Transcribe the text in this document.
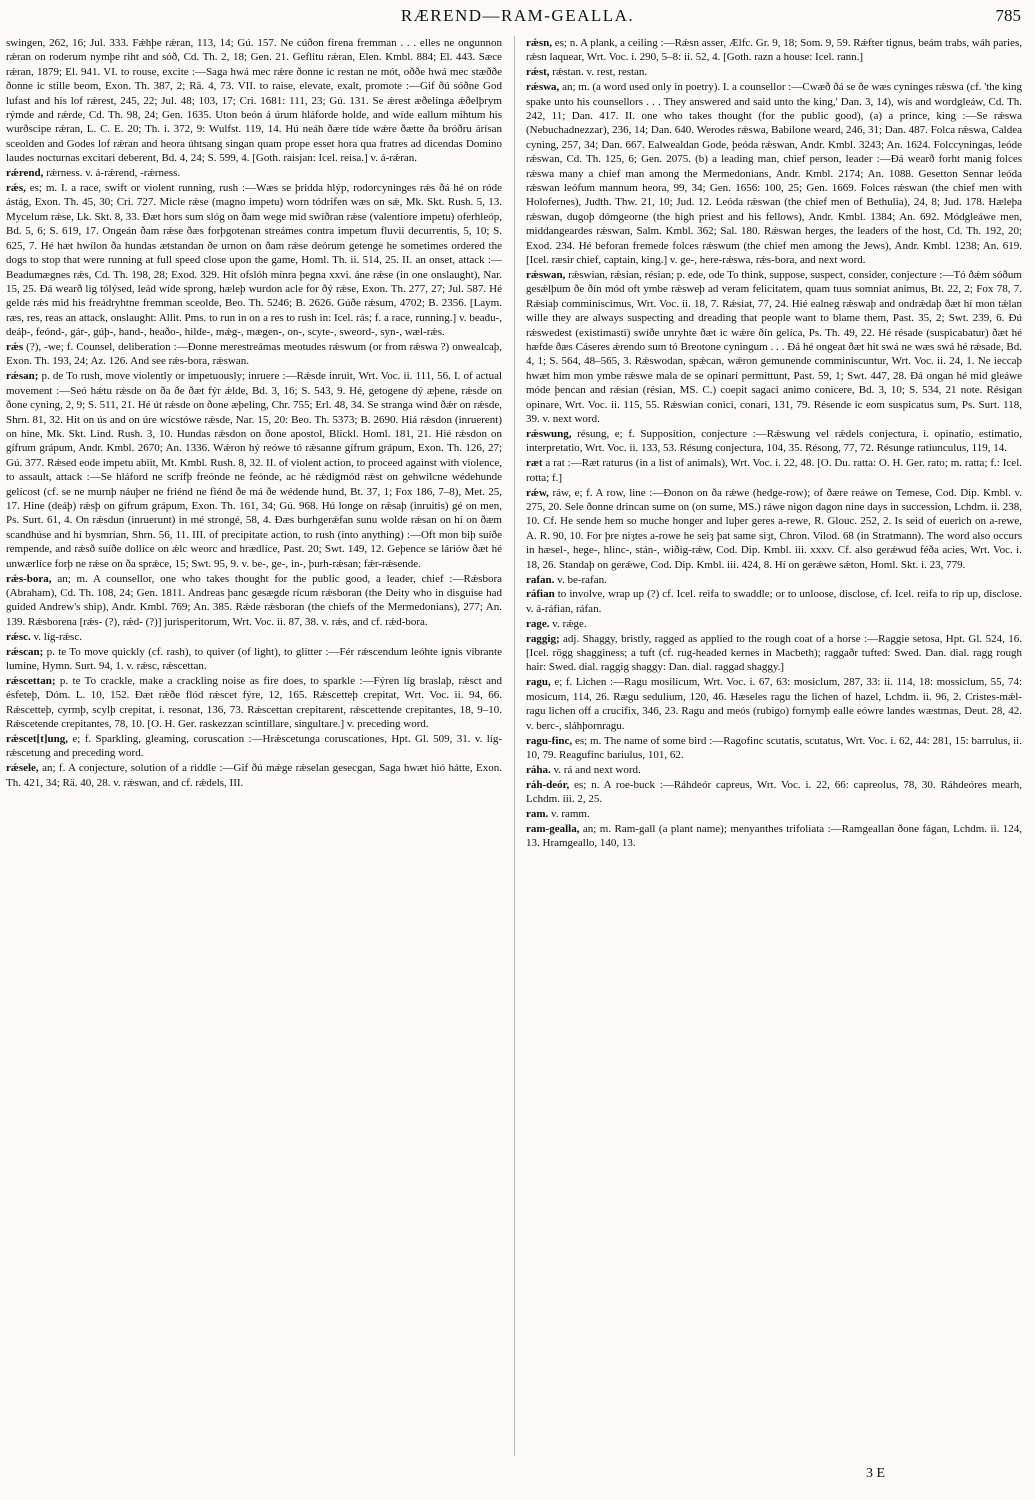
RÆREND—RAM-GEALLA.	785

swingen, 262, 16; Jul. 333. Fǽhþe rǽran, 113, 14; Gú. 157. Ne cúðon firena fremman . . . elles ne ongunnon rǽran on roderum nymþe riht and sóð, Cd. Th. 2, 18; Gen. 21. Geflitu rǽran, Elen. Kmbl. 884; El. 443. Sæce rǽran, 1879; El. 941. VI. to rouse, excite :—Saga hwá mec rǽre ðonne ic restan ne mót, oððe hwá mec stæððe ðonne ic stille beom, Exon. Th. 387, 2; Rä. 4, 73. VII. to raise, elevate, exalt, promote :—Gif ðú sóðne God lufast and his lof rǽrest, 245, 22; Jul. 48; 103, 17; Cri. 1681: 111, 23; Gú. 131. Se ǽrest æðelinga ǽðelþrym rýmde and rǽrde, Cd. Th. 98, 24; Gen. 1635. Uton beón á úrum hláforde holde, and wíde eallum mihtum his wurðscipe rǽran, L. C. E. 20; Th. i. 372, 9: Wulfst. 119, 14. Hú neáh ðære tíde wǽre ðætte ða bróðru árísan sceolden and Godes lof rǽran and heora úhtsang singan quam prope esset hora qua fratres ad dicendas Domino laudes nocturnas excitari deberent, Bd. 4, 24; S. 599, 4. [Goth. raisjan: Icel. reisa.] v. á-rǽran.

rǽrend, rǽrness. v. á-rǽrend, -rǽrness.

rǽs, es; m. I. a race, swift or violent running, rush :—Wæs se þridda hlýp, rodorcyninges rǽs ðá hé on róde ástág, Exon. Th. 45, 30; Cri. 727. Micle rǽse (magno impetu) worn tódrifen wæs on sǽ, Mk. Skt. Rush. 5, 13. Mycelum rǽse, Lk. Skt. 8, 33. Ðæt hors sum slóg on ðam wege mid swíðran rǽse (valentiore impetu) oferhleóp, Bd. 5, 6; S. 619, 17. Ongeán ðam rǽse ðæs forþgotenan streámes contra impetum fluvii decurrentis, 5, 10; S. 625, 7. Hé hæt hwílon ða hundas ætstandan ðe urnon on ðam rǽse deórum getenge he sometimes ordered the dogs to stop that were running at full speed close upon the game, Homl. Th. ii. 514, 25. II. an onset, attack :—Beadumægnes rǽs, Cd. Th. 198, 28; Exod. 329. Hit ofslóh mínra þegna xxvi. áne rǽse (in one onslaught), Nar. 15, 25. Ðá wearð lig tólýsed, leád wíde sprong, hæleþ wurdon acle for ðý rǽse, Exon. Th. 277, 27; Jul. 587. Hé gelde rǽs mid his freádryhtne fremman sceolde, Beo. Th. 5246; B. 2626. Gúðe rǽsum, 4702; B. 2356. [Laym. ræs, res, reas an attack, onslaught: Allit. Pms. to run in on a res to rush in: Icel. rás; f. a race, running.] v. beadu-, deáþ-, feónd-, gár-, gúþ-, hand-, heaðo-, hilde-, mǽg-, mægen-, on-, scyte-, sweord-, syn-, wæl-rǽs.

rǽs (?), -we; f. Counsel, deliberation :—Ðonne merestreámas meotudes rǽswum (or from rǽswa ?) onwealcaþ, Exon. Th. 193, 24; Az. 126. And see rǽs-bora, rǽswan.

rǽsan; p. de To rush, move violently or impetuously; inruere :—Rǽsde inruit, Wrt. Voc. ii. 111, 56. I. of actual movement :—Seó hǽtu rǽsde on ða ðe ðæt fýr ǽlde, Bd. 3, 16; S. 543, 9. Hé, getogene dý æþene, rǽsde on ðone cyning, 2, 9; S. 511, 21. Hé út rǽsde on ðone æþeling, Chr. 755; Erl. 48, 34. Se stranga wind ðǽr on rǽsde, Shrn. 81, 32. Hit on ús and on úre wícstówe rǽsde, Nar. 15, 20: Beo. Th. 5373; B. 2690. Hiá rǽsdon (inruerent) on hine, Mk. Skt. Lind. Rush. 3, 10. Hundas rǽsdon on ðone apostol, Blickl. Homl. 181, 21. Hié rǽsdon on gífrum grápum, Andr. Kmbl. 2670; An. 1336. Wǽron hý reówe tó rǽsanne gífrum grápum, Exon. Th. 126, 27; Gú. 377. Rǽsed eode impetu abiit, Mt. Kmbl. Rush. 8, 32. II. of violent action, to proceed against with violence, to assault, attack :—Se hláford ne scrífþ freónde ne feónde, ac hé rǽdigmód rǽst on gehwilcne wédehunde gelícost (cf. se ne murnþ náuþer ne friénd ne fiénd ðe má ðe wédende hund, Bt. 37, 1; Fox 186, 7–8), Met. 25, 17. Hine (deáþ) rǽsþ on gífrum grápum, Exon. Th. 161, 34; Gú. 968. Hú longe on rǽsaþ (inruitis) gé on men, Ps. Surt. 61, 4. On rǽsdun (inruerunt) in mé strongé, 58, 4. Ðæs burhgerǽfan sunu wolde rǽsan on hí on ðæm scandhúse and hí bysmrian, Shrn. 56, 11. III. of precipitate action, to rush (into anything) :—Oft mon biþ suíðe rempende, and rǽsð suíðe dollíce on ǽlc weorc and hrædlíce, Past. 20; Swt. 149, 12. Geþence se láriów ðæt hé unwærlíce forþ ne rǽse on ða sprǽce, 15; Swt. 95, 9. v. be-, ge-, in-, þurh-rǽsan; fǽr-rǽsende.

rǽs-bora, an; m. A counsellor, one who takes thought for the public good, a leader, chief :—Rǽsbora (Abraham), Cd. Th. 108, 24; Gen. 1811. Andreas þanc gesægde rícum rǽsboran (the Deity who in disguise had guided Andrew's ship), Andr. Kmbl. 769; An. 385. Rǽde rǽsboran (the chiefs of the Mermedonians), 277; An. 139. Rǽsborena [rǽs- (?), rǽd- (?)] jurisperitorum, Wrt. Voc. ii. 87, 38. v. rǽs, and cf. rǽd-bora.

rǽsc. v. líg-rǽsc.

rǽscan; p. te To move quickly (cf. rash), to quiver (of light), to glitter :—Fér rǽscendum leóhte ignis vibrante lumine, Hymn. Surt. 94, 1. v. rǽsc, rǽscettan.

rǽscettan; p. te To crackle, make a crackling noise as fire does, to sparkle :—Fýren líg braslaþ, rǽsct and ésfeteþ, Dóm. L. 10, 152. Ðæt rǽðe flód rǽscet fýre, 12, 165. Rǽscetteþ crepitat, Wrt. Voc. ii. 94, 66. Rǽscetteþ, cyrmþ, scylþ crepitat, i. resonat, 136, 73. Rǽscettan crepitarent, rǽscettende crepitantes, 18, 9–10. Rǽscetende crepitantes, 78, 10. [O. H. Ger. raskezzan scintillare, singultare.] v. preceding word.

rǽscet[t]ung, e; f. Sparkling, gleaming, coruscation :—Hrǽscetunga coruscationes, Hpt. Gl. 509, 31. v. líg-rǽscetung and preceding word.

rǽsele, an; f. A conjecture, solution of a riddle :—Gif ðú mǽge rǽselan gesecgan, Saga hwæt hió hátte, Exon. Th. 421, 34; Rä. 40, 28. v. rǽswan, and cf. rǽdels, III.

rǽsn, es; n. A plank, a ceiling :—Rǽsn asser, Ælfc. Gr. 9, 18; Som. 9, 59. Rǽfter tignus, beám trabs, wáh paries, rǽsn laquear, Wrt. Voc. i. 290, 5–8: ii. 52, 4. [Goth. razn a house: Icel. rann.]

rǽst, rǽstan. v. rest, restan.

rǽswa, an; m. (a word used only in poetry). I. a counsellor :—Cwæð ðá se ðe wæs cyninges rǽswa (cf. 'the king spake unto his counsellors . . . They answered and said unto the king,' Dan. 3, 14), wís and wordgleáw, Cd. Th. 242, 11; Dan. 417. II. one who takes thought (for the public good), (a) a prince, king :—Se rǽswa (Nebuchadnezzar), 236, 14; Dan. 640. Werodes rǽswa, Babilone weard, 246, 31; Dan. 487. Folca rǽswa, Caldea cyning, 257, 34; Dan. 667. Ealwealdan Gode, þeóda rǽswan, Andr. Kmbl. 3243; An. 1624. Folccyningas, leóde rǽswan, Cd. Th. 125, 6; Gen. 2075. (b) a leading man, chief person, leader :—Ðá wearð forht manig folces rǽswa many a chief man among the Mermedonians, Andr. Kmbl. 2174; An. 1088. Gesetton Sennar leóda rǽswan leófum mannum heora, 99, 34; Gen. 1656: 100, 25; Gen. 1669. Folces rǽswan (the chief men with Holofernes), Judth. Thw. 21, 10; Jud. 12. Leóda rǽswan (the chief men of Bethulia), 24, 8; Jud. 178. Hæleþa rǽswan, dugoþ dómgeorne (the high priest and his fellows), Andr. Kmbl. 1384; An. 692. Módgleáwe men, middangeardes rǽswan, Salm. Kmbl. 362; Sal. 180. Rǽswan herges, the leaders of the host, Cd. Th. 192, 20; Exod. 234. Hé beforan fremede folces rǽswum (the chief men among the Jews), Andr. Kmbl. 1238; An. 619. [Icel. ræsir chief, captain, king.] v. ge-, here-rǽswa, rǽs-bora, and next word.

rǽswan, rǽswian, rǽsian, résian; p. ede, ode To think, suppose, suspect, consider, conjecture :—Tó ðǽm sóðum gesǽlþum ðe ðín mód oft ymbe rǽsweþ ad veram felicitatem, quam tuus somniat animus, Bt. 22, 2; Fox 78, 7. Rǽsiaþ comminiscimus, Wrt. Voc. ii. 18, 7. Rǽsiat, 77, 24. Hié ealneg rǽswaþ and ondrǽdaþ ðæt hí mon tǽlan wille they are always suspecting and dreading that people want to blame them, Past. 35, 2; Swt. 239, 6. Ðú rǽswedest (existimasti) swíðe unryhte ðæt ic wǽre ðín gelíca, Ps. Th. 49, 22. Hé résade (suspicabatur) ðæt hé hæfde ðæs Cáseres ǽrendo sum tó Breotone cyningum . . . Ðá hé ongeat ðæt hit swá ne wæs swá hé rǽsade, Bd. 4, 1; S. 564, 48–565, 3. Rǽswodan, spǽcan, wǽron gemunende comminiscuntur, Wrt. Voc. ii. 24, 1. Ne ieccaþ hwæt him mon ymbe rǽswe mala de se opinari permittunt, Past. 59, 1; Swt. 447, 28. Ðá ongan hé mid gleáwe móde þencan and rǽsian (résian, MS. C.) coepit sagaci animo conicere, Bd. 3, 10; S. 534, 21 note. Résigan opinare, Wrt. Voc. ii. 115, 55. Rǽswian conici, conari, 131, 79. Résende ic eom suspicatus sum, Ps. Surt. 118, 39. v. next word.

rǽswung, résung, e; f. Supposition, conjecture :—Rǽswung vel rǽdels conjectura, i. opinatio, estimatio, interpretatio, Wrt. Voc. ii. 133, 53. Résung conjectura, 104, 35. Résong, 77, 72. Résunge ratiunculus, 119, 14.

ræt a rat :—Ræt raturus (in a list of animals), Wrt. Voc. i. 22, 48. [O. Du. ratta: O. H. Ger. rato; m. ratta; f.: Icel. rotta; f.]

rǽw, ráw, e; f. A row, line :—Ðonon on ða rǽwe (hedge-row); of ðære reáwe on Temese, Cod. Dip. Kmbl. v. 275, 20. Sele ðonne drincan sume on (on sume, MS.) ráwe nigon dagon nine days in succession, Lchdm. ii. 238, 10. Cf. He sende hem so muche honger and luþer geres a-rewe, R. Glouc. 252, 2. Is seid of euerich on a-rewe, A. R. 90, 10. For þre niȝtes a-rowe he seiȝ þat same siȝt, Chron. Vilod. 68 (in Stratmann). The word also occurs in hæsel-, hege-, hlinc-, stán-, wiðig-rǽw, Cod. Dip. Kmbl. iii. xxxv. Cf. also gerǽwud féða acies, Wrt. Voc. i. 18, 26. Standaþ on gerǽwe, Cod. Dip. Kmbl. iii. 424, 8. Hí on gerǽwe sǽton, Homl. Skt. i. 23, 779.

rafan. v. be-rafan.

ráfian to involve, wrap up (?) cf. Icel. reifa to swaddle; or to unloose, disclose, cf. Icel. reifa to rip up, disclose. v. á-ráfian, ráfan.

rage. v. rǽge.

raggig; adj. Shaggy, bristly, ragged as applied to the rough coat of a horse :—Raggie setosa, Hpt. Gl. 524, 16. [Icel. rögg shagginess; a tuft (cf. rug-headed kernes in Macbeth); raggaðr tufted: Swed. Dan. dial. ragg rough hair: Swed. dial. raggig shaggy: Dan. dial. raggad shaggy.]

ragu, e; f. Lichen :—Ragu mosilicum, Wrt. Voc. i. 67, 63: mosiclum, 287, 33: ii. 114, 18: mossiclum, 55, 74: mosicum, 114, 26. Rægu sedulium, 120, 46. Hæseles ragu the lichen of hazel, Lchdm. ii. 96, 2. Cristes-mǽl-ragu lichen off a crucifix, 346, 23. Ragu and meós (rubigo) fornymþ ealle eówre landes wæstmas, Deut. 28, 42. v. berc-, sláhþornragu.

ragu-finc, es; m. The name of some bird :—Ragofinc scutatis, scutatus, Wrt. Voc. i. 62, 44: 281, 15: barrulus, ii. 10, 79. Reagufinc bariulus, 101, 62.

ráha. v. rá and next word.

ráh-deór, es; n. A roe-buck :—Ráhdeór capreus, Wrt. Voc. i. 22, 66: capreolus, 78, 30. Ráhdeóres mearh, Lchdm. iii. 2, 25.

ram. v. ramm.

ram-gealla, an; m. Ram-gall (a plant name); menyanthes trifoliata :—Ramgeallan ðone fágan, Lchdm. ii. 124, 13. Hramgeallo, 140, 13.

3 E
